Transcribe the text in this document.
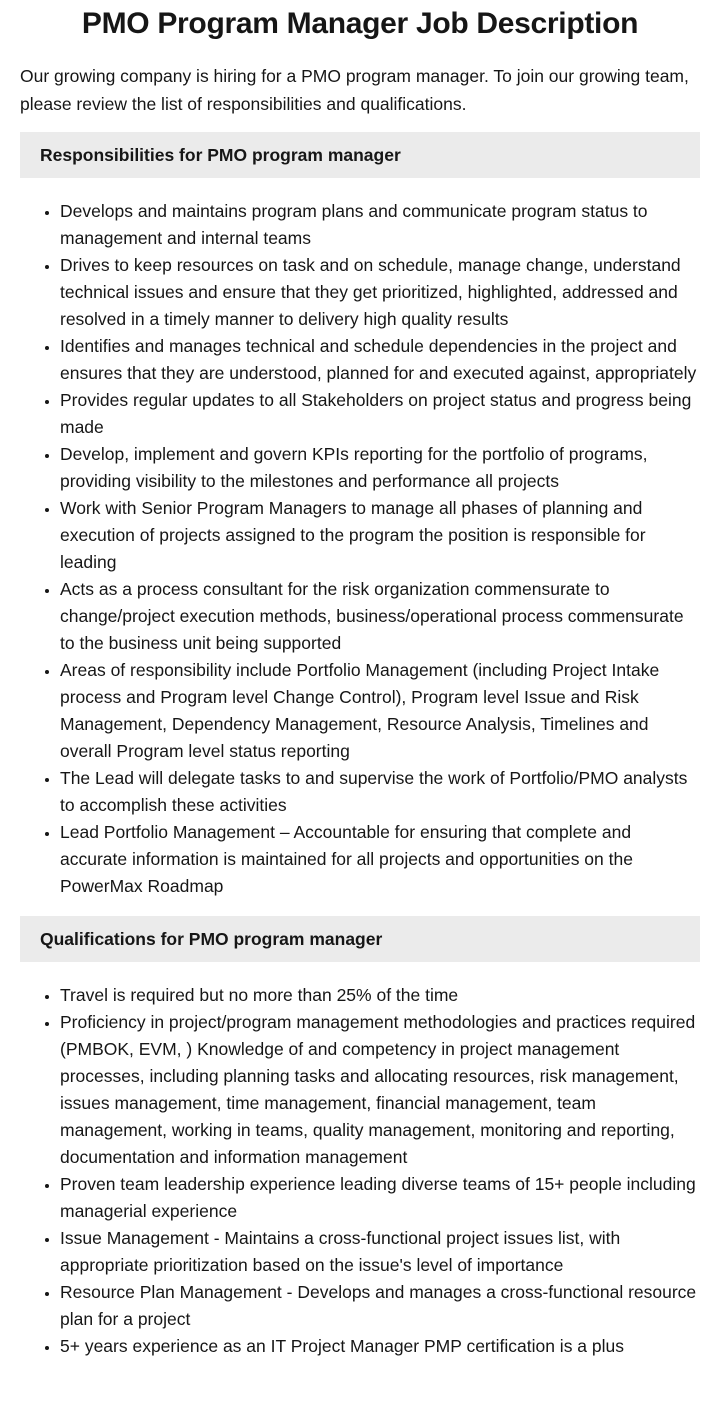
PMO Program Manager Job Description

Our growing company is hiring for a PMO program manager. To join our growing team, please review the list of responsibilities and qualifications.

Responsibilities for PMO program manager
• Develops and maintains program plans and communicate program status to management and internal teams
• Drives to keep resources on task and on schedule, manage change, understand technical issues and ensure that they get prioritized, highlighted, addressed and resolved in a timely manner to delivery high quality results
• Identifies and manages technical and schedule dependencies in the project and ensures that they are understood, planned for and executed against, appropriately
• Provides regular updates to all Stakeholders on project status and progress being made
• Develop, implement and govern KPIs reporting for the portfolio of programs, providing visibility to the milestones and performance all projects
• Work with Senior Program Managers to manage all phases of planning and execution of projects assigned to the program the position is responsible for leading
• Acts as a process consultant for the risk organization commensurate to change/project execution methods, business/operational process commensurate to the business unit being supported
• Areas of responsibility include Portfolio Management (including Project Intake process and Program level Change Control), Program level Issue and Risk Management, Dependency Management, Resource Analysis, Timelines and overall Program level status reporting
• The Lead will delegate tasks to and supervise the work of Portfolio/PMO analysts to accomplish these activities
• Lead Portfolio Management – Accountable for ensuring that complete and accurate information is maintained for all projects and opportunities on the PowerMax Roadmap
Qualifications for PMO program manager
• Travel is required but no more than 25% of the time
• Proficiency in project/program management methodologies and practices required (PMBOK, EVM, ) Knowledge of and competency in project management processes, including planning tasks and allocating resources, risk management, issues management, time management, financial management, team management, working in teams, quality management, monitoring and reporting, documentation and information management
• Proven team leadership experience leading diverse teams of 15+ people including managerial experience
• Issue Management - Maintains a cross-functional project issues list, with appropriate prioritization based on the issue's level of importance
• Resource Plan Management - Develops and manages a cross-functional resource plan for a project
• 5+ years experience as an IT Project Manager PMP certification is a plus
